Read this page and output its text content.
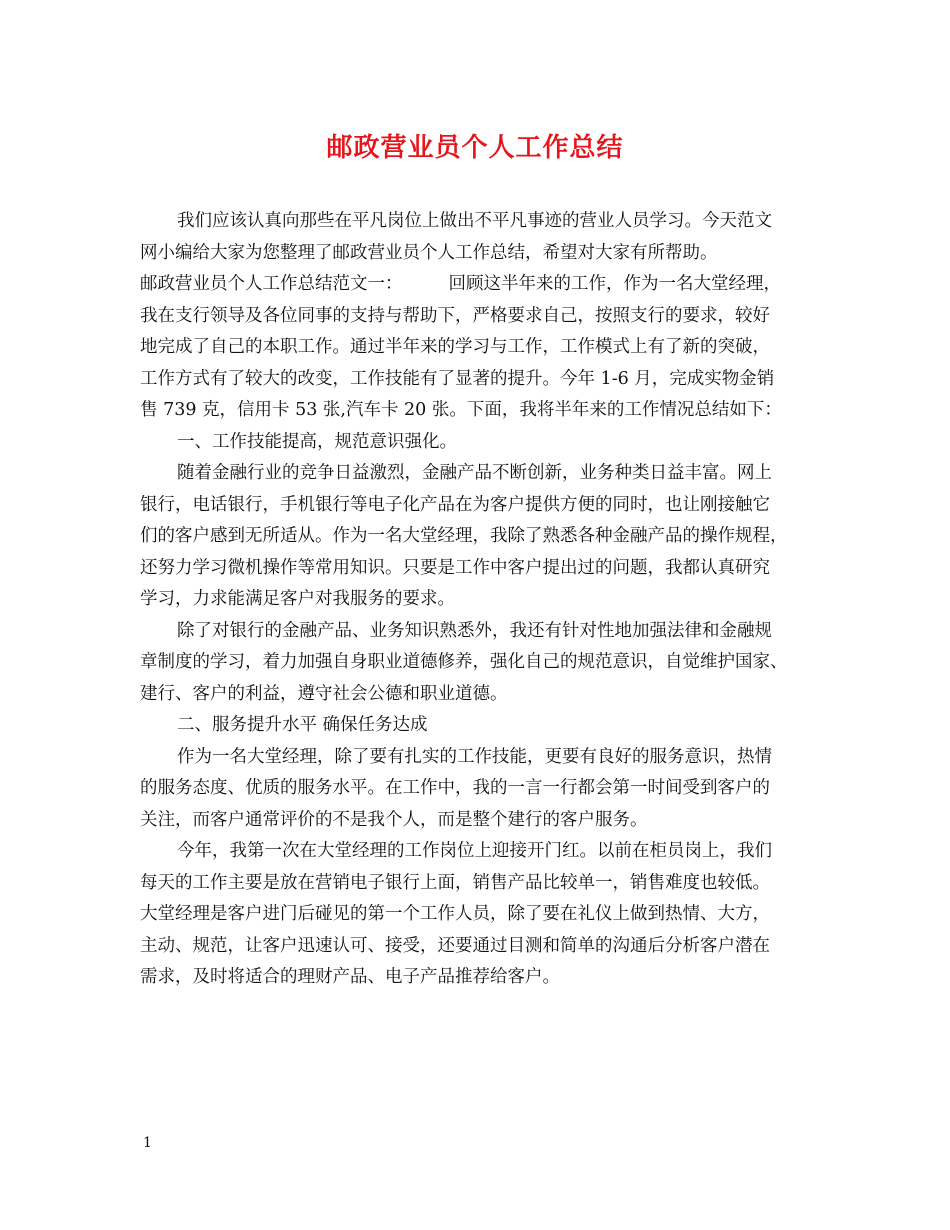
邮政营业员个人工作总结
我们应该认真向那些在平凡岗位上做出不平凡事迹的营业人员学习。今天范文
网小编给大家为您整理了邮政营业员个人工作总结，希望对大家有所帮助。
邮政营业员个人工作总结范文一：	回顾这半年来的工作，作为一名大堂经理，
我在支行领导及各位同事的支持与帮助下，严格要求自己，按照支行的要求，较好
地完成了自己的本职工作。通过半年来的学习与工作，工作模式上有了新的突破，
工作方式有了较大的改变，工作技能有了显著的提升。今年 1-6 月，完成实物金销
售 739 克，信用卡 53 张,汽车卡 20 张。下面，我将半年来的工作情况总结如下：
一、工作技能提高，规范意识强化。
随着金融行业的竞争日益激烈，金融产品不断创新，业务种类日益丰富。网上
银行，电话银行，手机银行等电子化产品在为客户提供方便的同时，也让刚接触它
们的客户感到无所适从。作为一名大堂经理，我除了熟悉各种金融产品的操作规程，
还努力学习微机操作等常用知识。只要是工作中客户提出过的问题，我都认真研究
学习，力求能满足客户对我服务的要求。
除了对银行的金融产品、业务知识熟悉外，我还有针对性地加强法律和金融规
章制度的学习，着力加强自身职业道德修养，强化自己的规范意识，自觉维护国家、
建行、客户的利益，遵守社会公德和职业道德。
二、服务提升水平 确保任务达成
作为一名大堂经理，除了要有扎实的工作技能，更要有良好的服务意识，热情
的服务态度、优质的服务水平。在工作中，我的一言一行都会第一时间受到客户的
关注，而客户通常评价的不是我个人，而是整个建行的客户服务。
今年，我第一次在大堂经理的工作岗位上迎接开门红。以前在柜员岗上，我们
每天的工作主要是放在营销电子银行上面，销售产品比较单一，销售难度也较低。
大堂经理是客户进门后碰见的第一个工作人员，除了要在礼仪上做到热情、大方，
主动、规范，让客户迅速认可、接受，还要通过目测和简单的沟通后分析客户潜在
需求，及时将适合的理财产品、电子产品推荐给客户。
1
